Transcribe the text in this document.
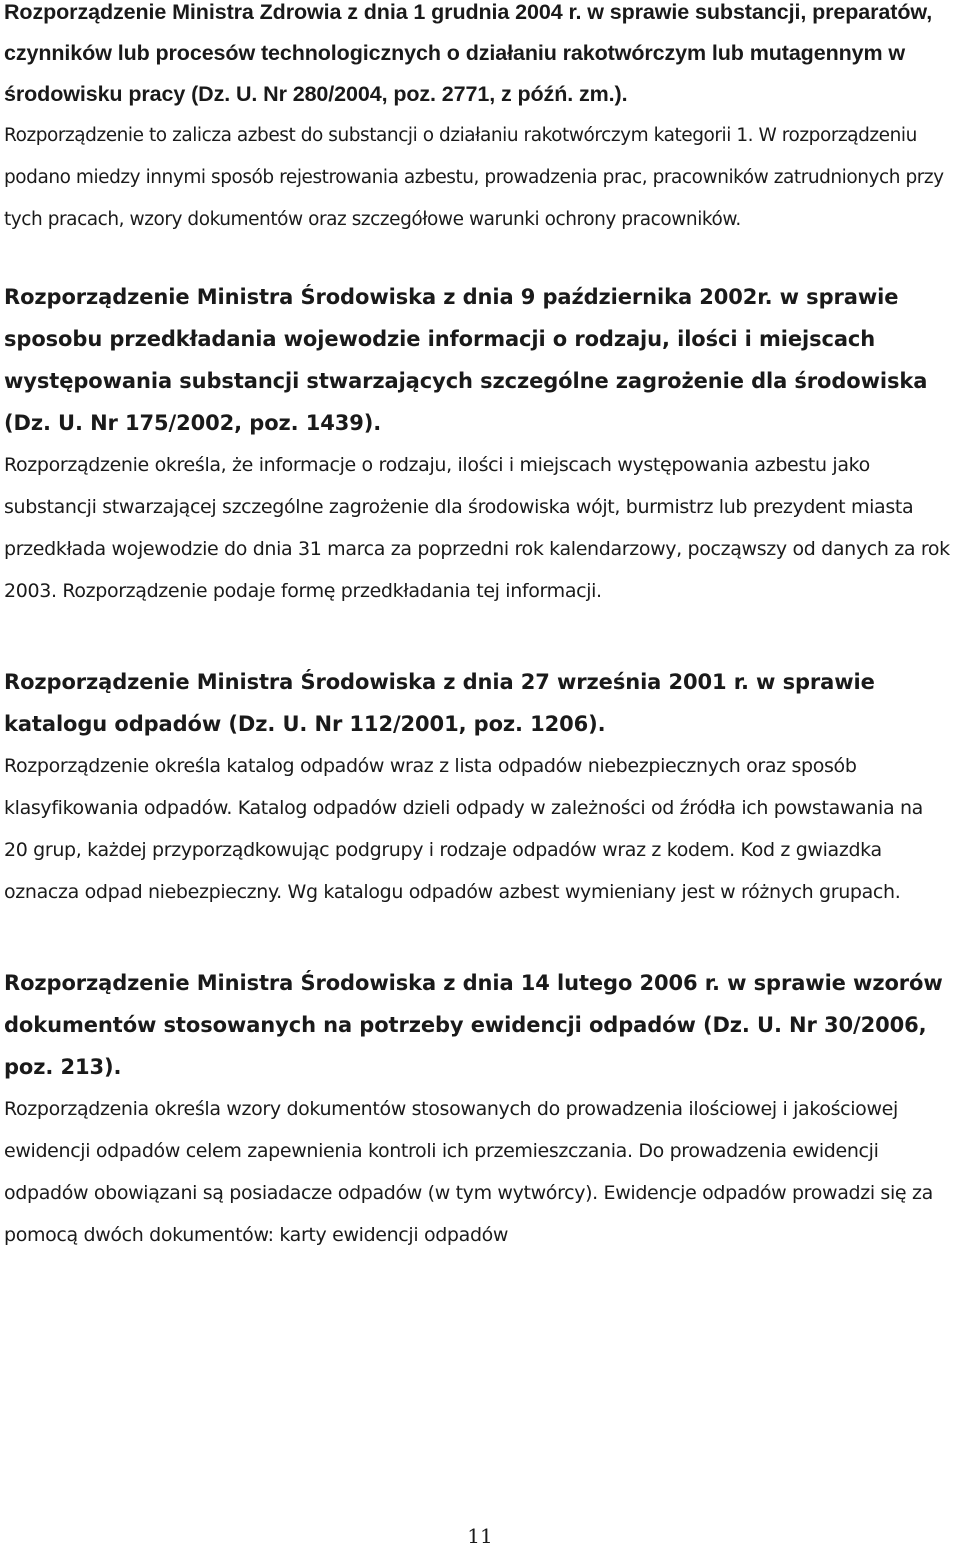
Rozporządzenie Ministra Zdrowia z dnia 1 grudnia 2004 r. w sprawie substancji, preparatów, czynników lub procesów technologicznych o działaniu rakotwórczym lub mutagennym w środowisku pracy (Dz. U. Nr 280/2004, poz. 2771, z późń. zm.).

Rozporządzenie to zalicza azbest do substancji o działaniu rakotwórczym kategorii 1. W rozporządzeniu podano miedzy innymi sposób rejestrowania azbestu, prowadzenia prac, pracowników zatrudnionych przy tych pracach, wzory dokumentów oraz szczegółowe warunki ochrony pracowników.

Rozporządzenie Ministra Środowiska z dnia 9 października 2002r. w sprawie sposobu przedkładania wojewodzie informacji o rodzaju, ilości i miejscach występowania substancji stwarzających szczególne zagrożenie dla środowiska (Dz. U. Nr 175/2002, poz. 1439).

Rozporządzenie określa, że informacje o rodzaju, ilości i miejscach występowania azbestu jako substancji stwarzającej szczególne zagrożenie dla środowiska wójt, burmistrz lub prezydent miasta przedkłada wojewodzie do dnia 31 marca za poprzedni rok kalendarzowy, począwszy od danych za rok 2003. Rozporządzenie podaje formę przedkładania tej informacji.

Rozporządzenie Ministra Środowiska z dnia 27 września 2001 r. w sprawie katalogu odpadów (Dz. U. Nr 112/2001, poz. 1206).

Rozporządzenie określa katalog odpadów wraz z lista odpadów niebezpiecznych oraz sposób klasyfikowania odpadów. Katalog odpadów dzieli odpady w zależności od źródła ich powstawania na 20 grup, każdej przyporządkowując podgrupy i rodzaje odpadów wraz z kodem. Kod z gwiazdka oznacza odpad niebezpieczny. Wg katalogu odpadów azbest wymieniany jest w różnych grupach.

Rozporządzenie Ministra Środowiska z dnia 14 lutego 2006 r. w sprawie wzorów dokumentów stosowanych na potrzeby ewidencji odpadów (Dz. U. Nr 30/2006, poz. 213).

Rozporządzenia określa wzory dokumentów stosowanych do prowadzenia ilościowej i jakościowej ewidencji odpadów celem zapewnienia kontroli ich przemieszczania. Do prowadzenia ewidencji odpadów obowiązani są posiadacze odpadów (w tym wytwórcy). Ewidencje odpadów prowadzi się za pomocą dwóch dokumentów: karty ewidencji odpadów

11
